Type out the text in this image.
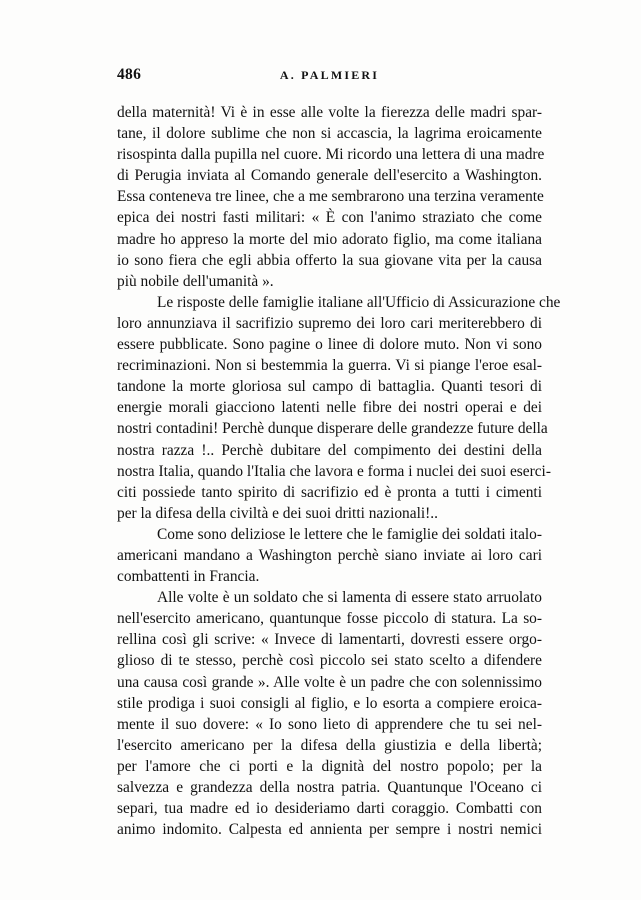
486	A. PALMIERI
della maternità! Vi è in esse alle volte la fierezza delle madri spar-
tane, il dolore sublime che non si accascia, la lagrima eroicamente
risospinta dalla pupilla nel cuore. Mi ricordo una lettera di una madre
di Perugia inviata al Comando generale dell'esercito a Washington.
Essa conteneva tre linee, che a me sembrarono una terzina veramente
epica dei nostri fasti militari: « È con l'animo straziato che come
madre ho appreso la morte del mio adorato figlio, ma come italiana
io sono fiera che egli abbia offerto la sua giovane vita per la causa
più nobile dell'umanità ».
Le risposte delle famiglie italiane all'Ufficio di Assicurazione che
loro annunziava il sacrifizio supremo dei loro cari meriterebbero di
essere pubblicate. Sono pagine o linee di dolore muto. Non vi sono
recriminazioni. Non si bestemmia la guerra. Vi si piange l'eroe esal-
tandone la morte gloriosa sul campo di battaglia. Quanti tesori di
energie morali giacciono latenti nelle fibre dei nostri operai e dei
nostri contadini! Perchè dunque disperare delle grandezze future della
nostra razza !.. Perchè dubitare del compimento dei destini della
nostra Italia, quando l'Italia che lavora e forma i nuclei dei suoi eserci-
citi possiede tanto spirito di sacrifizio ed è pronta a tutti i cimenti
per la difesa della civiltà e dei suoi dritti nazionali!..
Come sono deliziose le lettere che le famiglie dei soldati italo-
americani mandano a Washington perchè siano inviate ai loro cari
combattenti in Francia.
Alle volte è un soldato che si lamenta di essere stato arruolato
nell'esercito americano, quantunque fosse piccolo di statura. La so-
rellina così gli scrive: « Invece di lamentarti, dovresti essere orgo-
glioso di te stesso, perchè così piccolo sei stato scelto a difendere
una causa così grande ». Alle volte è un padre che con solennissimo
stile prodiga i suoi consigli al figlio, e lo esorta a compiere eroica-
mente il suo dovere: « Io sono lieto di apprendere che tu sei nel-
l'esercito americano per la difesa della giustizia e della libertà;
per l'amore che ci porti e la dignità del nostro popolo; per la
salvezza e grandezza della nostra patria. Quantunque l'Oceano ci
separi, tua madre ed io desideriamo darti coraggio. Combatti con
animo indomito. Calpesta ed annienta per sempre i nostri nemici
